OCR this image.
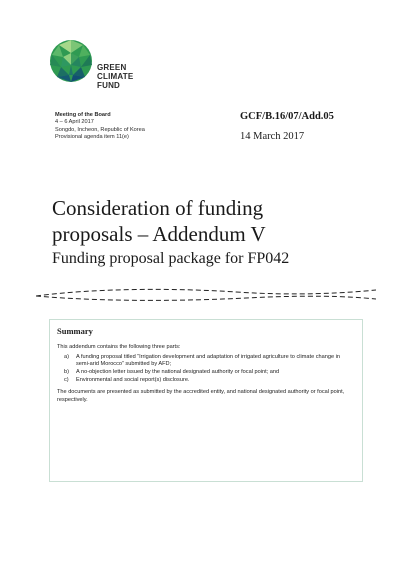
GREEN
CLIMATE
FUND
Meeting of the Board
4 – 6 April 2017
Songdo, Incheon, Republic of Korea
Provisional agenda item 11(e)
GCF/B.16/07/Add.05
14 March 2017
Consideration of funding
proposals – Addendum V
Funding proposal package for FP042
Summary
This addendum contains the following three parts:
a)	A funding proposal titled “Irrigation development and adaptation of irrigated agriculture to climate change in semi-arid Morocco” submitted by AFD;
b)	A no-objection letter issued by the national designated authority or focal point; and
c)	Environmental and social report(s) disclosure.
The documents are presented as submitted by the accredited entity, and national designated authority or focal point, respectively.
